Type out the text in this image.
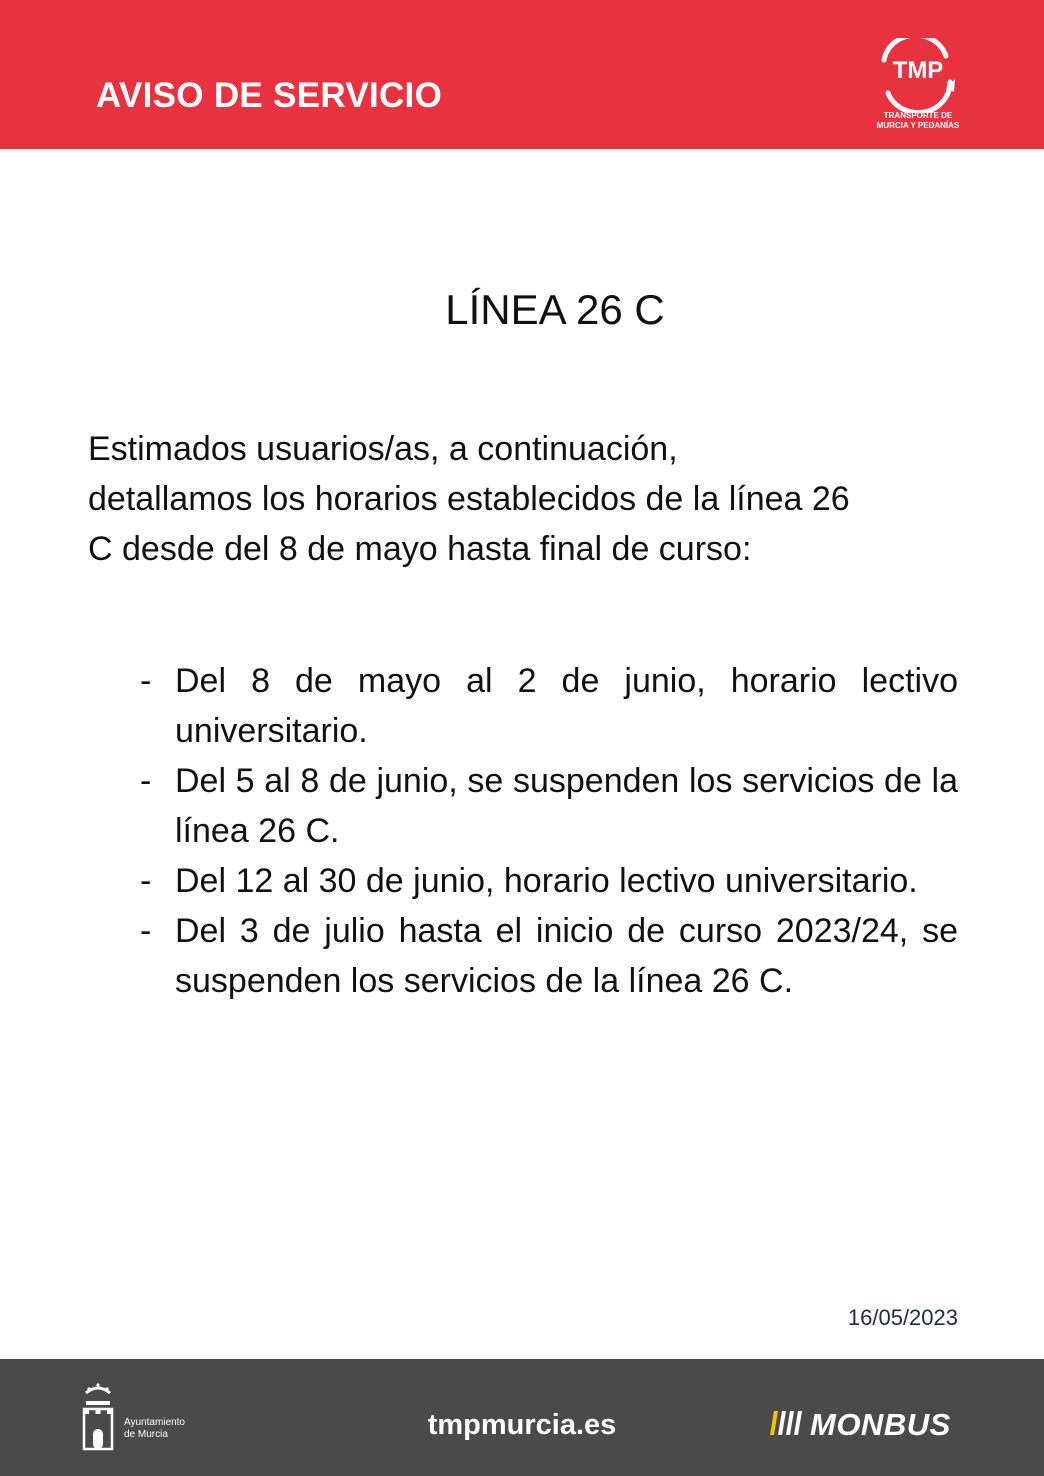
AVISO DE SERVICIO
TMP
TRANSPORTE DE
MURCIA Y PEDANÍAS
LÍNEA 26 C
Estimados usuarios/as, a continuación,
detallamos los horarios establecidos de la línea 26
C desde del 8 de mayo hasta final de curso:
- Del 8 de mayo al 2 de junio, horario lectivo universitario.
- Del 5 al 8 de junio, se suspenden los servicios de la línea 26 C.
- Del 12 al 30 de junio, horario lectivo universitario.
- Del 3 de julio hasta el inicio de curso 2023/24, se suspenden los servicios de la línea 26 C.
16/05/2023
Ayuntamiento
de Murcia	tmpmurcia.es	MONBUS
